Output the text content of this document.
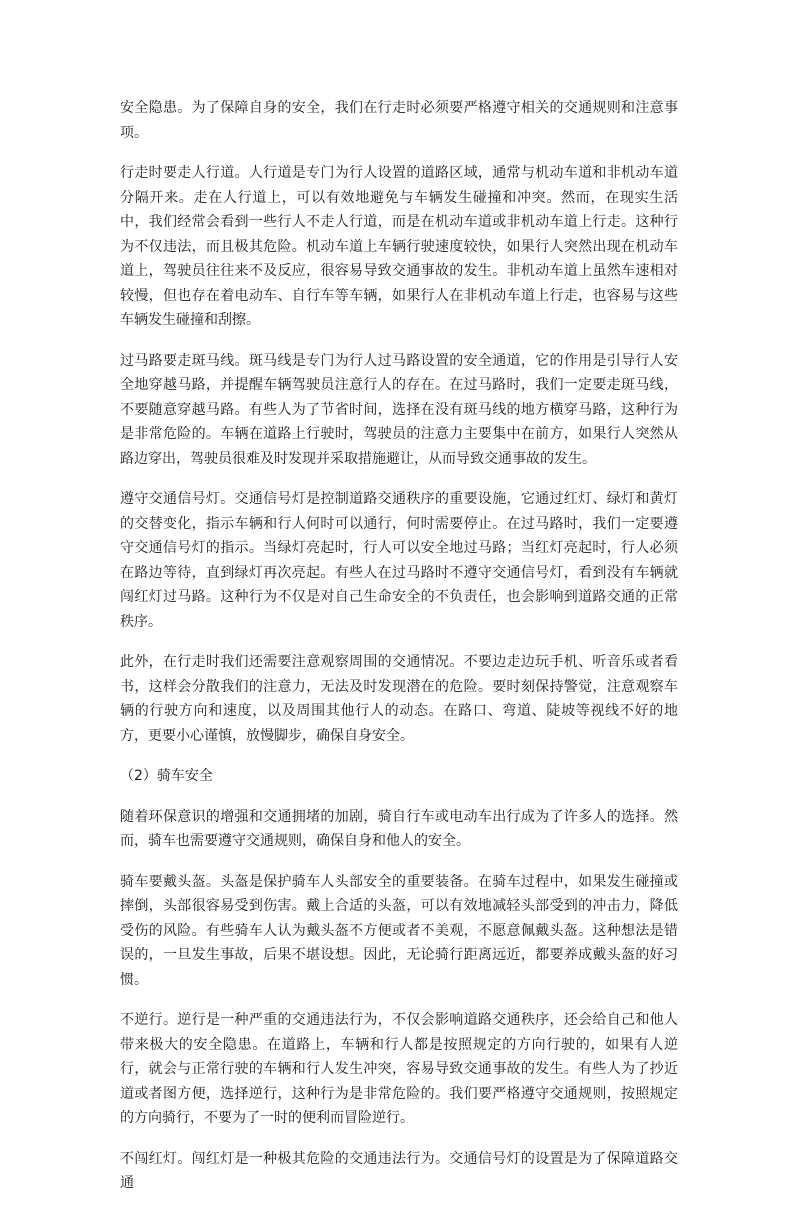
安全隐患。为了保障自身的安全，我们在行走时必须要严格遵守相关的交通规则和注意事项。

行走时要走人行道。人行道是专门为行人设置的道路区域，通常与机动车道和非机动车道分隔开来。走在人行道上，可以有效地避免与车辆发生碰撞和冲突。然而，在现实生活中，我们经常会看到一些行人不走人行道，而是在机动车道或非机动车道上行走。这种行为不仅违法，而且极其危险。机动车道上车辆行驶速度较快，如果行人突然出现在机动车道上，驾驶员往往来不及反应，很容易导致交通事故的发生。非机动车道上虽然车速相对较慢，但也存在着电动车、自行车等车辆，如果行人在非机动车道上行走，也容易与这些车辆发生碰撞和刮擦。

过马路要走斑马线。斑马线是专门为行人过马路设置的安全通道，它的作用是引导行人安全地穿越马路，并提醒车辆驾驶员注意行人的存在。在过马路时，我们一定要走斑马线，不要随意穿越马路。有些人为了节省时间，选择在没有斑马线的地方横穿马路，这种行为是非常危险的。车辆在道路上行驶时，驾驶员的注意力主要集中在前方，如果行人突然从路边穿出，驾驶员很难及时发现并采取措施避让，从而导致交通事故的发生。

遵守交通信号灯。交通信号灯是控制道路交通秩序的重要设施，它通过红灯、绿灯和黄灯的交替变化，指示车辆和行人何时可以通行，何时需要停止。在过马路时，我们一定要遵守交通信号灯的指示。当绿灯亮起时，行人可以安全地过马路；当红灯亮起时，行人必须在路边等待，直到绿灯再次亮起。有些人在过马路时不遵守交通信号灯，看到没有车辆就闯红灯过马路。这种行为不仅是对自己生命安全的不负责任，也会影响到道路交通的正常秩序。

此外，在行走时我们还需要注意观察周围的交通情况。不要边走边玩手机、听音乐或者看书，这样会分散我们的注意力，无法及时发现潜在的危险。要时刻保持警觉，注意观察车辆的行驶方向和速度，以及周围其他行人的动态。在路口、弯道、陡坡等视线不好的地方，更要小心谨慎，放慢脚步，确保自身安全。

（2）骑车安全

随着环保意识的增强和交通拥堵的加剧，骑自行车或电动车出行成为了许多人的选择。然而，骑车也需要遵守交通规则，确保自身和他人的安全。

骑车要戴头盔。头盔是保护骑车人头部安全的重要装备。在骑车过程中，如果发生碰撞或摔倒，头部很容易受到伤害。戴上合适的头盔，可以有效地减轻头部受到的冲击力，降低受伤的风险。有些骑车人认为戴头盔不方便或者不美观，不愿意佩戴头盔。这种想法是错误的，一旦发生事故，后果不堪设想。因此，无论骑行距离远近，都要养成戴头盔的好习惯。

不逆行。逆行是一种严重的交通违法行为，不仅会影响道路交通秩序，还会给自己和他人带来极大的安全隐患。在道路上，车辆和行人都是按照规定的方向行驶的，如果有人逆行，就会与正常行驶的车辆和行人发生冲突，容易导致交通事故的发生。有些人为了抄近道或者图方便，选择逆行，这种行为是非常危险的。我们要严格遵守交通规则，按照规定的方向骑行，不要为了一时的便利而冒险逆行。

不闯红灯。闯红灯是一种极其危险的交通违法行为。交通信号灯的设置是为了保障道路交通
